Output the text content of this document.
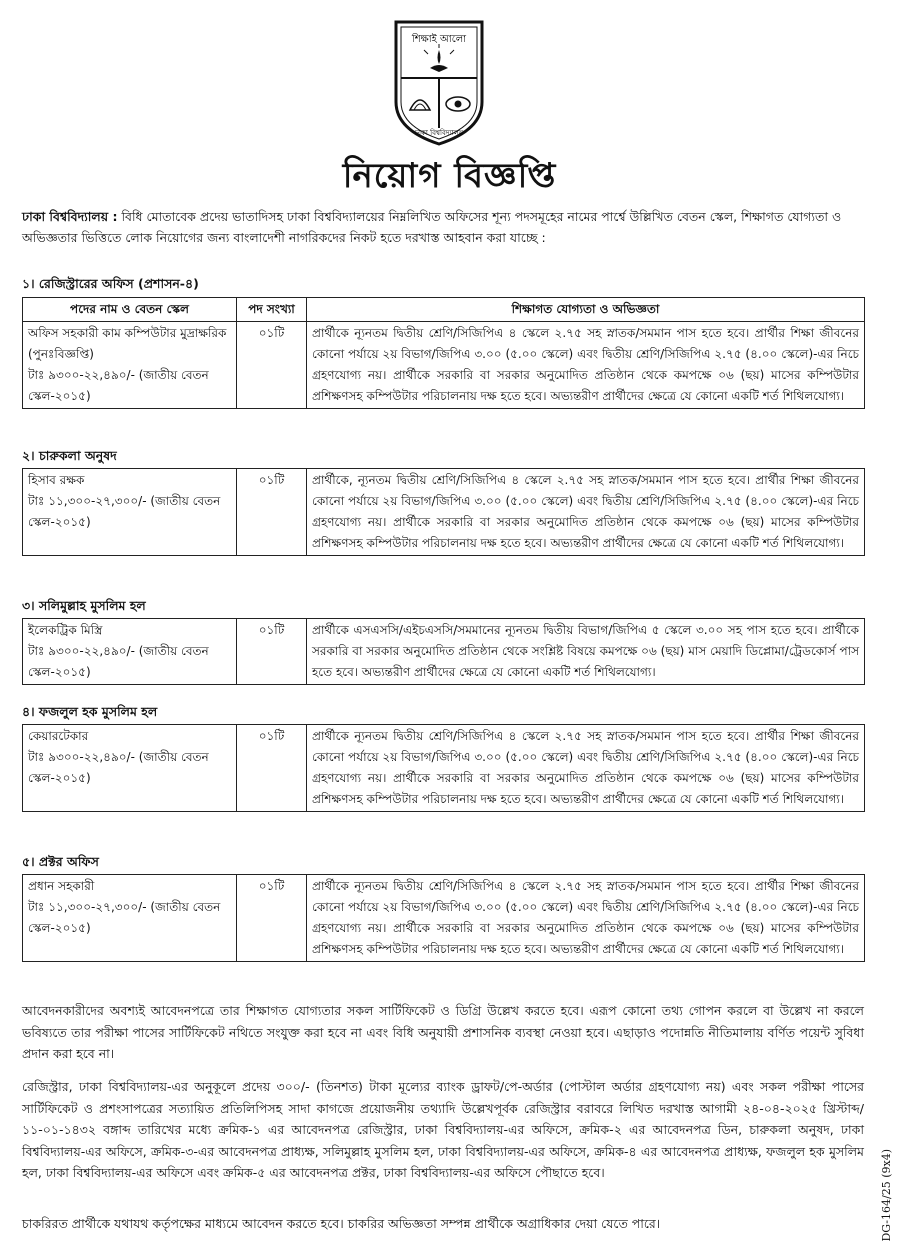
শিক্ষাই আলো
ঢাকা বিশ্ববিদ্যালয়
নিয়োগ বিজ্ঞপ্তি
ঢাকা বিশ্ববিদ্যালয় : বিধি মোতাবেক প্রদেয় ভাতাদিসহ ঢাকা বিশ্ববিদ্যালয়ের নিম্নলিখিত অফিসের শূন্য পদসমূহের নামের পার্শ্বে উল্লিখিত বেতন স্কেল, শিক্ষাগত যোগ্যতা ও অভিজ্ঞতার ভিত্তিতে লোক নিয়োগের জন্য বাংলাদেশী নাগরিকদের নিকট হতে দরখাস্ত আহবান করা যাচ্ছে :
১। রেজিস্ট্রারের অফিস (প্রশাসন-৪)
পদের নাম ও বেতন স্কেল	পদ সংখ্যা	শিক্ষাগত যোগ্যতা ও অভিজ্ঞতা
অফিস সহকারী কাম কম্পিউটার মুদ্রাক্ষরিক (পুনঃবিজ্ঞপ্তি)
টাঃ ৯৩০০-২২,৪৯০/- (জাতীয় বেতন স্কেল-২০১৫)	০১টি	প্রার্থীকে ন্যূনতম দ্বিতীয় শ্রেণি/সিজিপিএ ৪ স্কেলে ২.৭৫ সহ স্নাতক/সমমান পাস হতে হবে। প্রার্থীর শিক্ষা জীবনের কোনো পর্যায়ে ২য় বিভাগ/জিপিএ ৩.০০ (৫.০০ স্কেলে) এবং দ্বিতীয় শ্রেণি/সিজিপিএ ২.৭৫ (৪.০০ স্কেলে)-এর নিচে গ্রহণযোগ্য নয়। প্রার্থীকে সরকারি বা সরকার অনুমোদিত প্রতিষ্ঠান থেকে কমপক্ষে ০৬ (ছয়) মাসের কম্পিউটার প্রশিক্ষণসহ কম্পিউটার পরিচালনায় দক্ষ হতে হবে। অভ্যন্তরীণ প্রার্থীদের ক্ষেত্রে যে কোনো একটি শর্ত শিথিলযোগ্য।
২। চারুকলা অনুষদ
হিসাব রক্ষক
টাঃ ১১,৩০০-২৭,৩০০/- (জাতীয় বেতন স্কেল-২০১৫)	০১টি	প্রার্থীকে, ন্যূনতম দ্বিতীয় শ্রেণি/সিজিপিএ ৪ স্কেলে ২.৭৫ সহ স্নাতক/সমমান পাস হতে হবে। প্রার্থীর শিক্ষা জীবনের কোনো পর্যায়ে ২য় বিভাগ/জিপিএ ৩.০০ (৫.০০ স্কেলে) এবং দ্বিতীয় শ্রেণি/সিজিপিএ ২.৭৫ (৪.০০ স্কেলে)-এর নিচে গ্রহণযোগ্য নয়। প্রার্থীকে সরকারি বা সরকার অনুমোদিত প্রতিষ্ঠান থেকে কমপক্ষে ০৬ (ছয়) মাসের কম্পিউটার প্রশিক্ষণসহ কম্পিউটার পরিচালনায় দক্ষ হতে হবে। অভ্যন্তরীণ প্রার্থীদের ক্ষেত্রে যে কোনো একটি শর্ত শিথিলযোগ্য।
৩। সলিমুল্লাহ মুসলিম হল
ইলেকট্রিক মিস্ত্রি
টাঃ ৯৩০০-২২,৪৯০/- (জাতীয় বেতন স্কেল-২০১৫)	০১টি	প্রার্থীকে এসএসসি/এইচএসসি/সমমানের ন্যূনতম দ্বিতীয় বিভাগ/জিপিএ ৫ স্কেলে ৩.০০ সহ পাস হতে হবে। প্রার্থীকে সরকারি বা সরকার অনুমোদিত প্রতিষ্ঠান থেকে সংশ্লিষ্ট বিষয়ে কমপক্ষে ০৬ (ছয়) মাস মেয়াদি ডিপ্লোমা/ট্রেডকোর্স পাস হতে হবে। অভ্যন্তরীণ প্রার্থীদের ক্ষেত্রে যে কোনো একটি শর্ত শিথিলযোগ্য।
৪। ফজলুল হক মুসলিম হল
কেয়ারটেকার
টাঃ ৯৩০০-২২,৪৯০/- (জাতীয় বেতন স্কেল-২০১৫)	০১টি	প্রার্থীকে ন্যূনতম দ্বিতীয় শ্রেণি/সিজিপিএ ৪ স্কেলে ২.৭৫ সহ স্নাতক/সমমান পাস হতে হবে। প্রার্থীর শিক্ষা জীবনের কোনো পর্যায়ে ২য় বিভাগ/জিপিএ ৩.০০ (৫.০০ স্কেলে) এবং দ্বিতীয় শ্রেণি/সিজিপিএ ২.৭৫ (৪.০০ স্কেলে)-এর নিচে গ্রহণযোগ্য নয়। প্রার্থীকে সরকারি বা সরকার অনুমোদিত প্রতিষ্ঠান থেকে কমপক্ষে ০৬ (ছয়) মাসের কম্পিউটার প্রশিক্ষণসহ কম্পিউটার পরিচালনায় দক্ষ হতে হবে। অভ্যন্তরীণ প্রার্থীদের ক্ষেত্রে যে কোনো একটি শর্ত শিথিলযোগ্য।
৫। প্রক্টর অফিস
প্রধান সহকারী
টাঃ ১১,৩০০-২৭,৩০০/- (জাতীয় বেতন স্কেল-২০১৫)	০১টি	প্রার্থীকে ন্যূনতম দ্বিতীয় শ্রেণি/সিজিপিএ ৪ স্কেলে ২.৭৫ সহ স্নাতক/সমমান পাস হতে হবে। প্রার্থীর শিক্ষা জীবনের কোনো পর্যায়ে ২য় বিভাগ/জিপিএ ৩.০০ (৫.০০ স্কেলে) এবং দ্বিতীয় শ্রেণি/সিজিপিএ ২.৭৫ (৪.০০ স্কেলে)-এর নিচে গ্রহণযোগ্য নয়। প্রার্থীকে সরকারি বা সরকার অনুমোদিত প্রতিষ্ঠান থেকে কমপক্ষে ০৬ (ছয়) মাসের কম্পিউটার প্রশিক্ষণসহ কম্পিউটার পরিচালনায় দক্ষ হতে হবে। অভ্যন্তরীণ প্রার্থীদের ক্ষেত্রে যে কোনো একটি শর্ত শিথিলযোগ্য।
আবেদনকারীদের অবশ্যই আবেদনপত্রে তার শিক্ষাগত যোগ্যতার সকল সার্টিফিকেট ও ডিগ্রি উল্লেখ করতে হবে। এরূপ কোনো তথ্য গোপন করলে বা উল্লেখ না করলে ভবিষ্যতে তার পরীক্ষা পাসের সার্টিফিকেট নথিতে সংযুক্ত করা হবে না এবং বিধি অনুযায়ী প্রশাসনিক ব্যবস্থা নেওয়া হবে। এছাড়াও পদোন্নতি নীতিমালায় বর্ণিত পয়েন্ট সুবিধা প্রদান করা হবে না।
রেজিস্ট্রার, ঢাকা বিশ্ববিদ্যালয়-এর অনুকূলে প্রদেয় ৩০০/- (তিনশত) টাকা মূল্যের ব্যাংক ড্রাফট/পে-অর্ডার (পোস্টাল অর্ডার গ্রহণযোগ্য নয়) এবং সকল পরীক্ষা পাসের সার্টিফিকেট ও প্রশংসাপত্রের সত্যায়িত প্রতিলিপিসহ সাদা কাগজে প্রয়োজনীয় তথ্যাদি উল্লেখপূর্বক রেজিস্ট্রার বরাবরে লিখিত দরখাস্ত আগামী ২৪-০৪-২০২৫ খ্রিস্টাব্দ/১১-০১-১৪৩২ বঙ্গাব্দ তারিখের মধ্যে ক্রমিক-১ এর আবেদনপত্র রেজিস্ট্রার, ঢাকা বিশ্ববিদ্যালয়-এর অফিসে, ক্রমিক-২ এর আবেদনপত্র ডিন, চারুকলা অনুষদ, ঢাকা বিশ্ববিদ্যালয়-এর অফিসে, ক্রমিক-৩-এর আবেদনপত্র প্রাধ্যক্ষ, সলিমুল্লাহ মুসলিম হল, ঢাকা বিশ্ববিদ্যালয়-এর অফিসে, ক্রমিক-৪ এর আবেদনপত্র প্রাধ্যক্ষ, ফজলুল হক মুসলিম হল, ঢাকা বিশ্ববিদ্যালয়-এর অফিসে এবং ক্রমিক-৫ এর আবেদনপত্র প্রক্টর, ঢাকা বিশ্ববিদ্যালয়-এর অফিসে পৌছাতে হবে।
চাকরিরত প্রার্থীকে যথাযথ কর্তৃপক্ষের মাধ্যমে আবেদন করতে হবে। চাকরির অভিজ্ঞতা সম্পন্ন প্রার্থীকে অগ্রাধিকার দেয়া যেতে পারে।	DG-164/25 (9x4)
